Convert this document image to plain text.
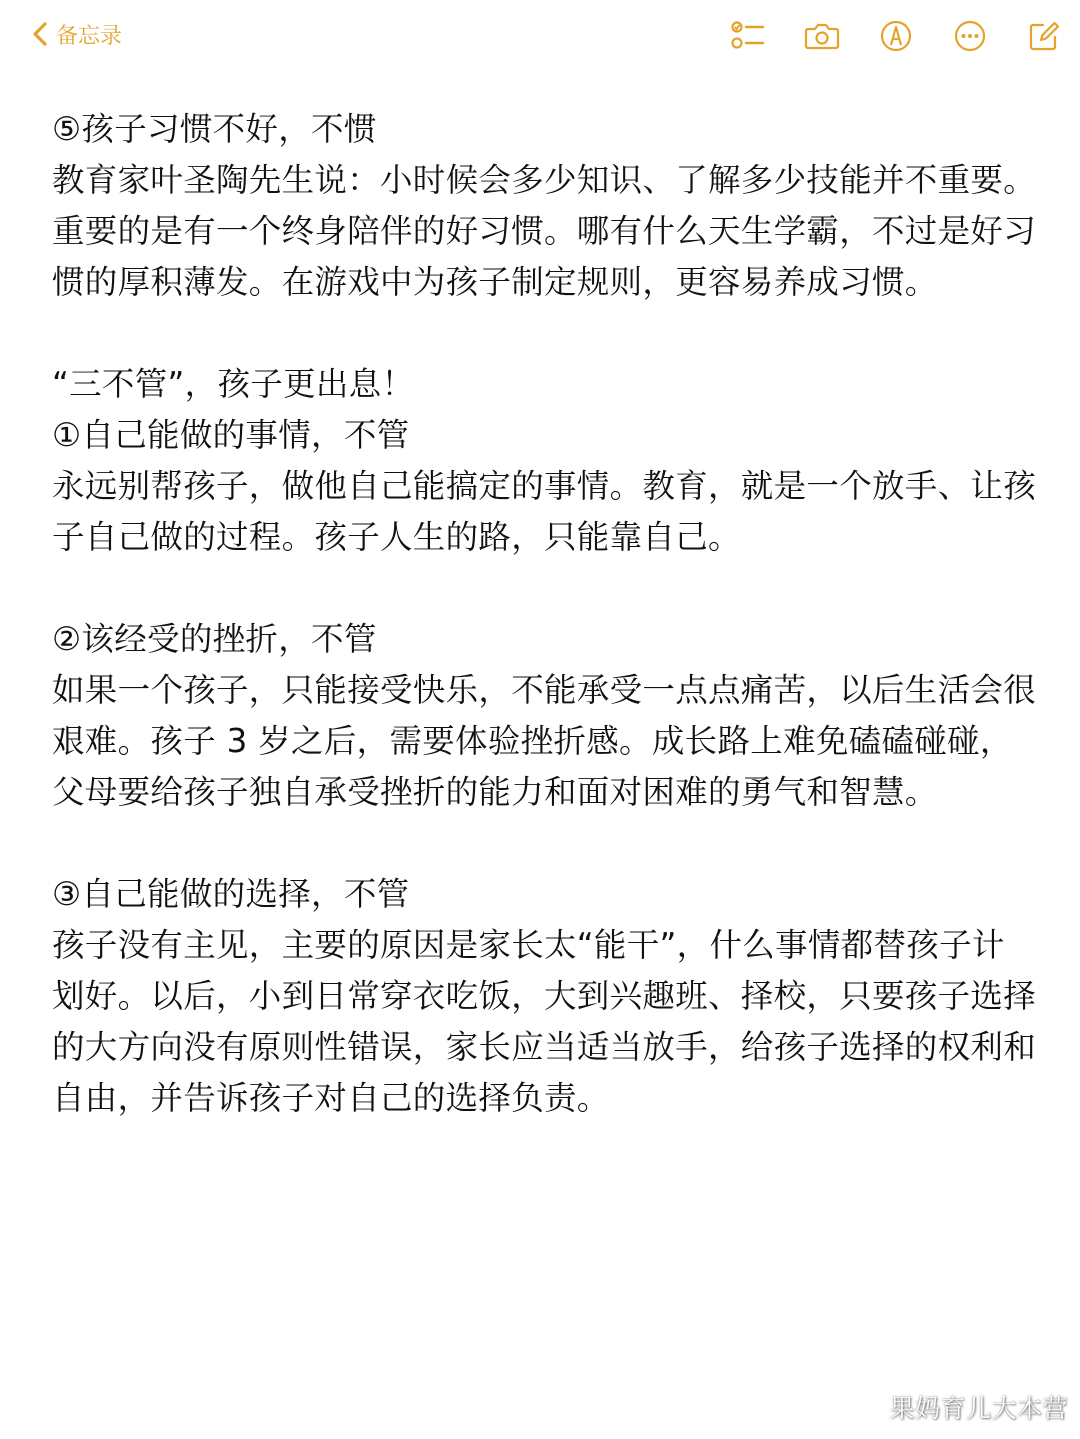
备忘录

⑤孩子习惯不好，不惯

教育家叶圣陶先生说：小时候会多少知识、了解多少技能并不重要。重要的是有一个终身陪伴的好习惯。哪有什么天生学霸，不过是好习惯的厚积薄发。在游戏中为孩子制定规则，更容易养成习惯。

“三不管”，孩子更出息！

①自己能做的事情，不管

永远别帮孩子，做他自己能搞定的事情。教育，就是一个放手、让孩子自己做的过程。孩子人生的路，只能靠自己。

②该经受的挫折，不管

如果一个孩子，只能接受快乐，不能承受一点点痛苦，以后生活会很艰难。孩子 3 岁之后，需要体验挫折感。成长路上难免磕磕碰碰，父母要给孩子独自承受挫折的能力和面对困难的勇气和智慧。

③自己能做的选择，不管

孩子没有主见，主要的原因是家长太“能干”，什么事情都替孩子计划好。以后，小到日常穿衣吃饭，大到兴趣班、择校，只要孩子选择的大方向没有原则性错误，家长应当适当放手，给孩子选择的权利和自由，并告诉孩子对自己的选择负责。

果妈育儿大本营
